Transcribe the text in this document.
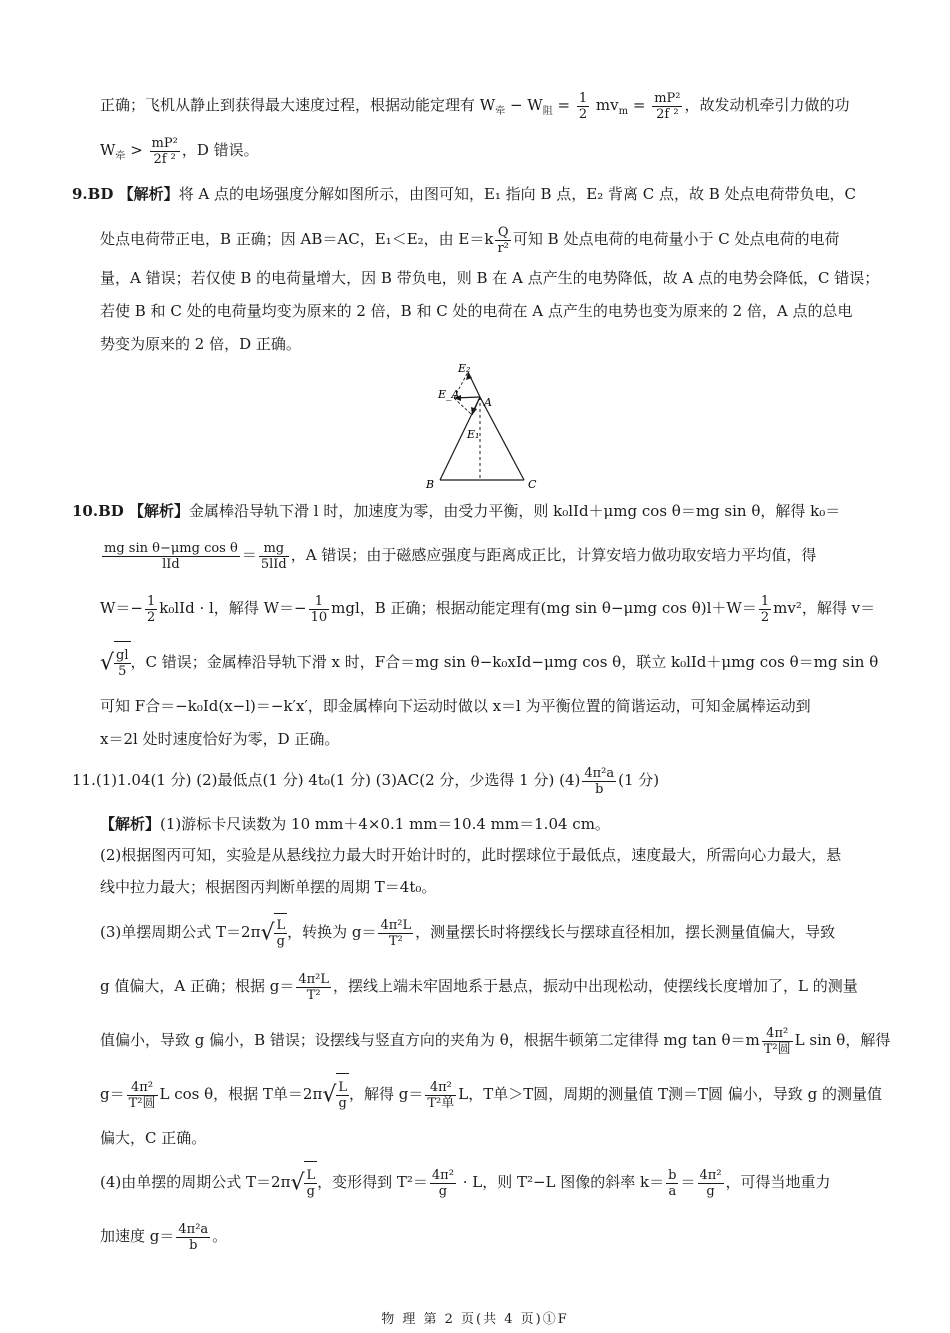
正确；飞机从静止到获得最大速度过程，根据动能定理有 $W_牵 - W_阻 = \frac{1}{2} mv_m = \frac{\text{mP²}}{\text{2f ²}}$ ，故发动机牵引力做的功
$W_牵 > \frac{\text{mP²}}{\text{2f ²}}$ ，D 错误。
9.BD 【解析】将 A 点的电场强度分解如图所示，由图可知，E₁ 指向 B 点，E₂ 背离 C 点，故 B 处点电荷带负电，C
处点电荷带正电，B 正确；因 AB＝AC，E₁＜E₂，由 $E=k \frac{Q}{\text{r²}}$ 可知 B 处点电荷的电荷量小于 C 处点电荷的电荷
量，A 错误；若仅使 B 的电荷量增大，因 B 带负电，则 B 在 A 点产生的电势降低，故 A 点的电势会降低，C 错误；
若使 B 和 C 处的电荷量均变为原来的 2 倍，B 和 C 处的电荷在 A 点产生的电势也变为原来的 2 倍，A 点的总电
势变为原来的 2 倍，D 正确。
E₂
E_A
A
E₁
B	C
10.BD 【解析】金属棒沿导轨下滑 l 时，加速度为零，由受力平衡，则 k₀lId＋μmg cos θ＝mg sin θ，解得 k₀＝
$\frac{\text{mg sin θ−μmg cos θ}}{\text{lId}} = \frac{mg}{\text{5lId}}$ ，A 错误；由于磁感应强度与距离成正比，计算安培力做功取安培力平均值，得
$W=- \frac{1}{2} k_0lId \cdot l$，解得 $W=- \frac{1}{10}$ mgl，B 正确；根据动能定理有(mg sin θ−μmg $\cos \theta)l+W= \frac{1}{2} mv^2$，解得 v＝
√ $\frac{gl}{5}$ ，C 错误；金属棒沿导轨下滑 x 时，F合＝mg sin θ−k₀xId−μmg cos θ，联立 k₀lId＋μmg cos θ＝mg sin θ
可知 F合＝−k₀Id(x−l)＝−k′x′，即金属棒向下运动时做以 x＝l 为平衡位置的简谐运动，可知金属棒运动到
x＝2l 处时速度恰好为零，D 正确。
11.(1)1.04(1 分) (2)最低点(1 分) 4t₀(1 分) (3)AC(2 分，少选得 1 分) $(4) \frac{\text{4π²a}}{b} (1$ 分)
【解析】(1)游标卡尺读数为 10 mm＋4×0.1 mm＝10.4 mm＝1.04 cm。
(2)根据图丙可知，实验是从悬线拉力最大时开始计时的，此时摆球位于最低点，速度最大，所需向心力最大，悬
线中拉力最大；根据图丙判断单摆的周期 T＝4t₀。
(3)单摆周期公式 $T=2\pi√ \frac{L}{g}$ ，转换为 $g= \frac{\text{4π²L}}{\text{T²}}$ ，测量摆长时将摆线长与摆球直径相加，摆长测量值偏大，导致
g 值偏大，A 正确；根据 $g= \frac{\text{4π²L}}{\text{T²}}$ ，摆线上端未牢固地系于悬点，振动中出现松动，使摆线长度增加了，L 的测量
值偏小，导致 g 偏小，B 错误；设摆线与竖直方向的夹角为 θ，根据牛顿第二定律得 mg $\tan \theta=m \frac{\text{4π²}}{\text{T²圆}}$ L sin θ，解得
$g= \frac{\text{4π²}}{\text{T²圆}}$ L cos θ，根据 T单$=2\pi√ \frac{L}{g}$ ，解得 $g= \frac{\text{4π²}}{\text{T²单}}$ L，T单＞T圆，周期的测量值 T测＝T圆 偏小，导致 g 的测量值
偏大，C 正确。
(4)由单摆的周期公式 $T=2\pi√ \frac{L}{g}$ ，变形得到 $T^2= \frac{\text{4π²}}{g} \cdot L$，则 T²−L 图像的斜率 $k= \frac{b}{a} = \frac{\text{4π²}}{g}$ ，可得当地重力
加速度 $g= \frac{\text{4π²a}}{b}$ 。
物 理 第 2 页(共 4 页)①F
